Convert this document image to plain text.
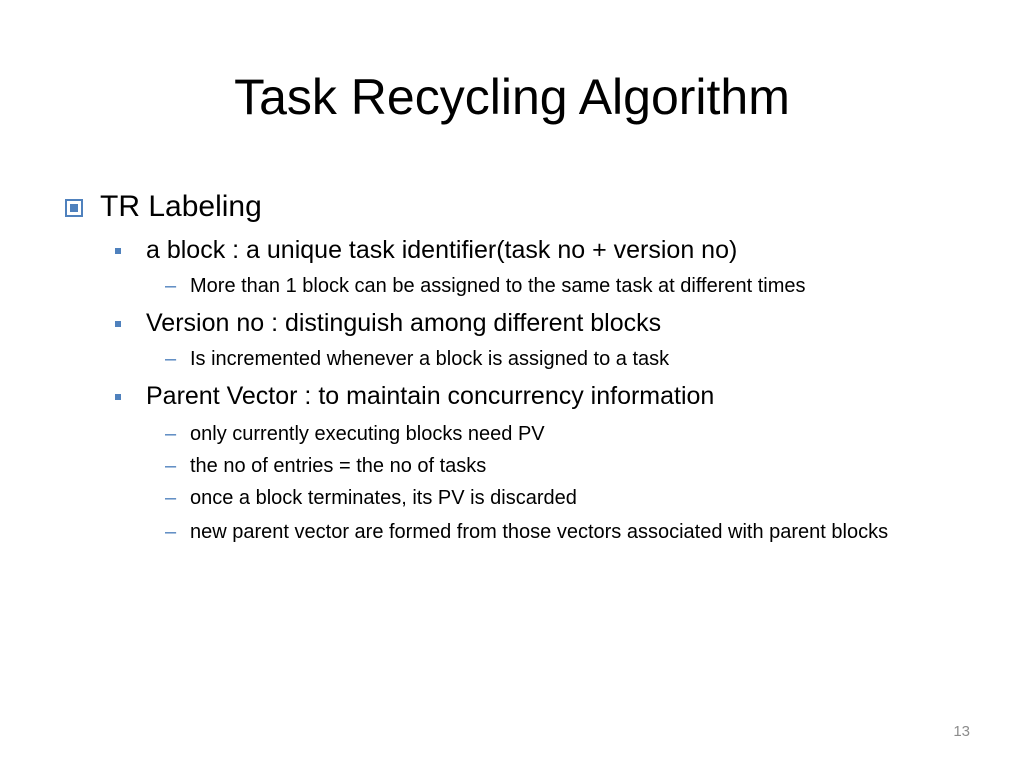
Task Recycling Algorithm
TR Labeling
a block : a unique task identifier(task no + version no)
– More than 1 block can be assigned to the same task at different times
Version no : distinguish among different blocks
– Is incremented whenever a block is assigned to a task
Parent Vector : to maintain concurrency information
– only currently executing blocks need PV
– the no of entries = the no of tasks
– once a block terminates, its PV is discarded
– new parent vector are formed from those vectors associated with parent blocks
13
